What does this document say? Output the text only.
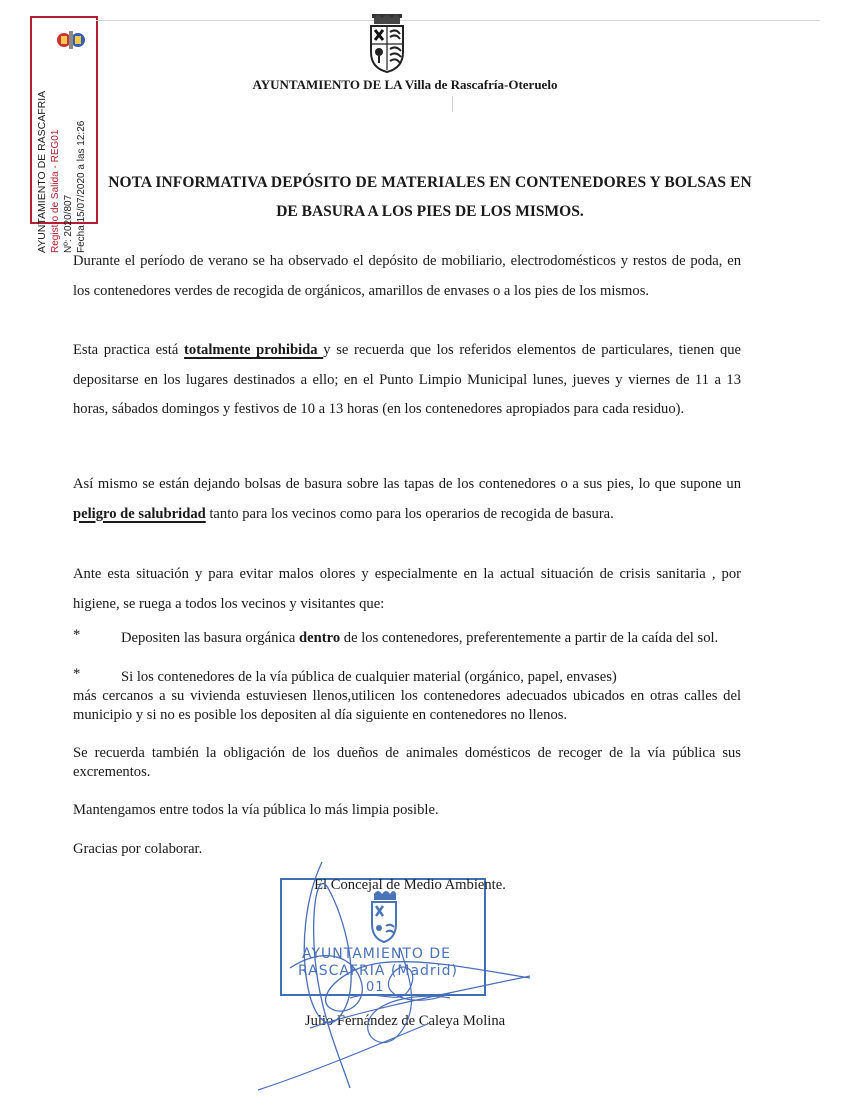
AYUNTAMIENTO DE RASCAFRIA Registro de Salida - REG01 Nº: 2020/807 Fecha 15/07/2020 a las 12:26
AYUNTAMIENTO DE LA Villa de Rascafría-Oteruelo
NOTA INFORMATIVA DEPÓSITO DE MATERIALES EN CONTENEDORES Y BOLSAS EN
DE BASURA A LOS PIES DE LOS MISMOS.
Durante el período de verano se ha observado el depósito de mobiliario, electrodomésticos y restos de poda, en los contenedores verdes de recogida de orgánicos, amarillos de envases o a los pies de los mismos.
Esta practica está totalmente prohibida y se recuerda que los referidos elementos de particulares, tienen que depositarse en los lugares destinados a ello; en el Punto Limpio Municipal lunes, jueves y viernes de 11 a 13 horas, sábados domingos y festivos de 10 a 13 horas (en los contenedores apropiados para cada residuo).
Así mismo se están dejando bolsas de basura sobre las tapas de los contenedores o a sus pies, lo que supone un peligro de salubridad tanto para los vecinos como para los operarios de recogida de basura.
Ante esta situación y para evitar malos olores y especialmente en la actual situación de crisis sanitaria , por higiene, se ruega a todos los vecinos y visitantes que:
*	Depositen las basura orgánica dentro de los contenedores, preferentemente a partir de la caída del sol.
*	Si los contenedores de la vía pública de cualquier material (orgánico, papel, envases)
más cercanos a su vivienda estuviesen llenos,utilicen los contenedores adecuados ubicados en otras calles del municipio y si no es posible los depositen al día siguiente en contenedores no llenos.
Se recuerda también la obligación de los dueños de animales domésticos de recoger de la vía pública sus excrementos.
Mantengamos entre todos la vía pública lo más limpia posible.
Gracias por colaborar.
AYUNTAMIENTO DE
RASCAFRIA (Madrid)
01
El Concejal de Medio Ambiente.
Julio Fernández de Caleya Molina
